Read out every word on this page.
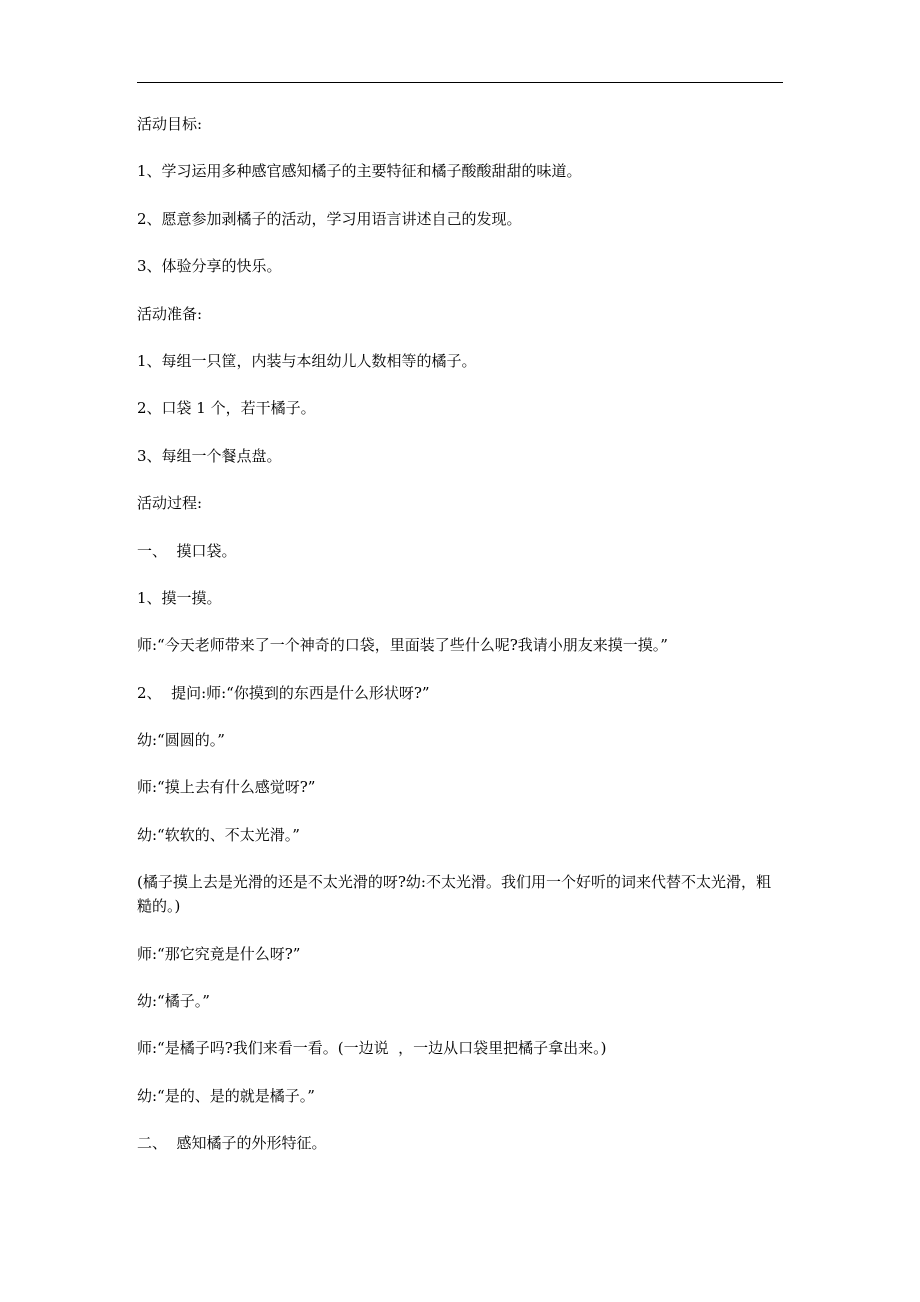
活动目标:

1、学习运用多种感官感知橘子的主要特征和橘子酸酸甜甜的味道。

2、愿意参加剥橘子的活动，学习用语言讲述自己的发现。

3、体验分享的快乐。

活动准备:

1、每组一只筐，内装与本组幼儿人数相等的橘子。

2、口袋 1 个，若干橘子。

3、每组一个餐点盘。

活动过程:

一、  摸口袋。

1、摸一摸。

师:“今天老师带来了一个神奇的口袋，里面装了些什么呢?我请小朋友来摸一摸。”

2、  提问:师:“你摸到的东西是什么形状呀?”

幼:“圆圆的。”

师:“摸上去有什么感觉呀?”

幼:“软软的、不太光滑。”

(橘子摸上去是光滑的还是不太光滑的呀?幼:不太光滑。我们用一个好听的词来代替不太光滑，粗糙的。)

师:“那它究竟是什么呀?”

幼:“橘子。”

师:“是橘子吗?我们来看一看。(一边说  ，一边从口袋里把橘子拿出来。)

幼:“是的、是的就是橘子。”

二、  感知橘子的外形特征。
